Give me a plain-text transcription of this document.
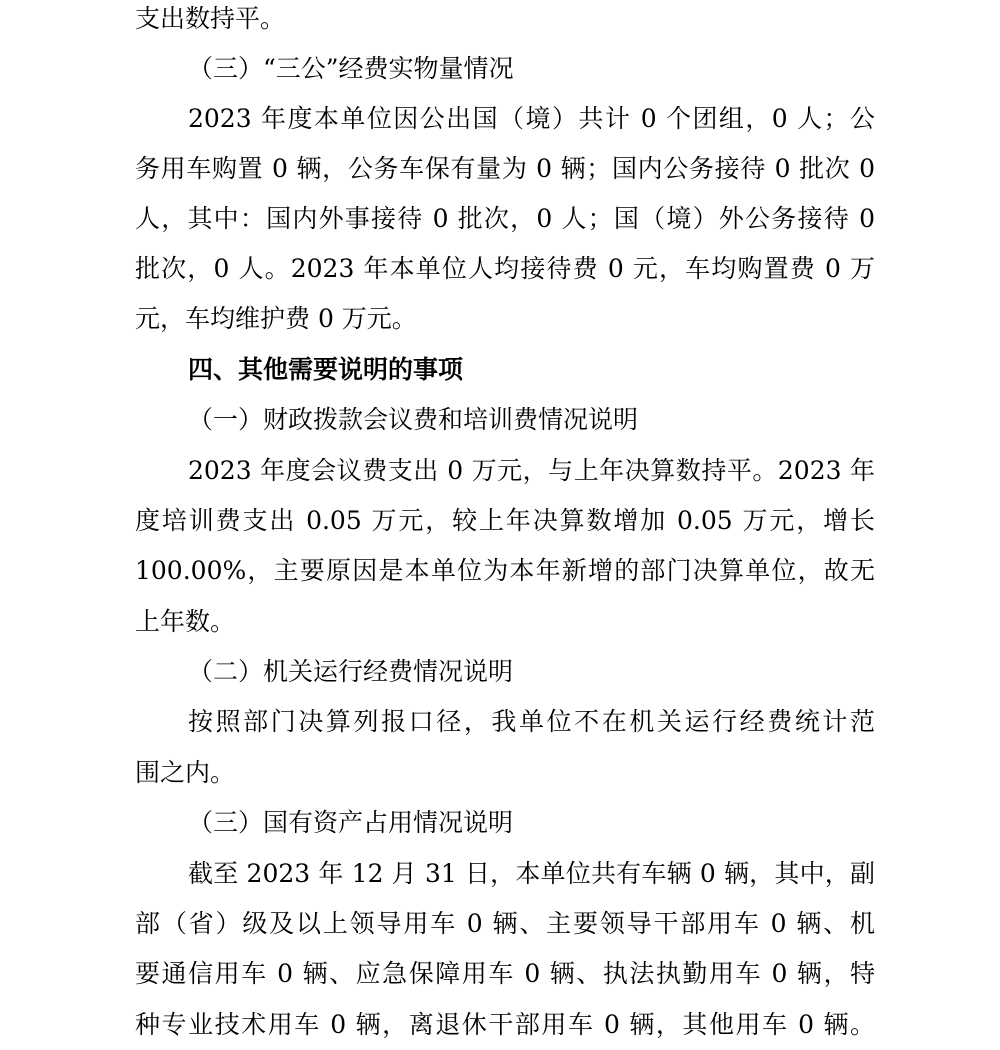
支出数持平。
（三）“三公”经费实物量情况
2023 年度本单位因公出国（境）共计 0 个团组，0 人；公
务用车购置 0 辆，公务车保有量为 0 辆；国内公务接待 0 批次 0
人，其中：国内外事接待 0 批次，0 人；国（境）外公务接待 0
批次，0 人。2023 年本单位人均接待费 0 元，车均购置费 0 万
元，车均维护费 0 万元。
四、其他需要说明的事项
（一）财政拨款会议费和培训费情况说明
2023 年度会议费支出 0 万元，与上年决算数持平。2023 年
度培训费支出 0.05 万元，较上年决算数增加 0.05 万元，增长
100.00%，主要原因是本单位为本年新增的部门决算单位，故无
上年数。
（二）机关运行经费情况说明
按照部门决算列报口径，我单位不在机关运行经费统计范
围之内。
（三）国有资产占用情况说明
截至 2023 年 12 月 31 日，本单位共有车辆 0 辆，其中，副
部（省）级及以上领导用车 0 辆、主要领导干部用车 0 辆、机
要通信用车 0 辆、应急保障用车 0 辆、执法执勤用车 0 辆，特
种专业技术用车 0 辆，离退休干部用车 0 辆，其他用车 0 辆。
